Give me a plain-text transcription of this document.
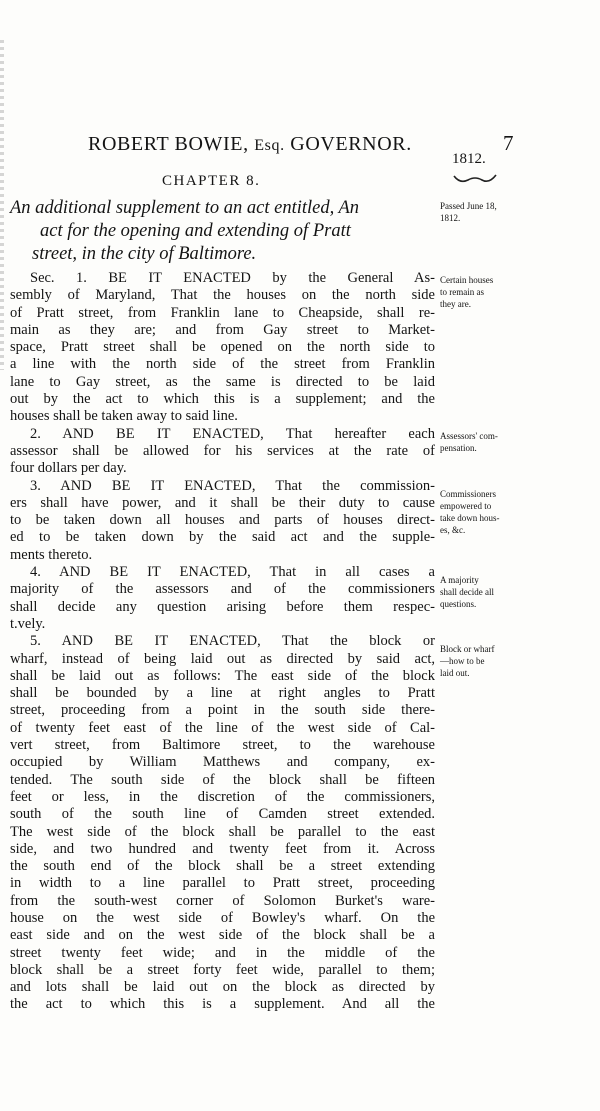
ROBERT BOWIE, Esq. GOVERNOR.	7
1812.
CHAPTER 8.
An additional supplement to an act entitled, An
act for the opening and extending of Pratt
street, in the city of Baltimore.
Sec. 1. BE IT ENACTED by the General As-
sembly of Maryland, That the houses on the north side
of Pratt street, from Franklin lane to Cheapside, shall re-
main as they are; and from Gay street to Market-
space, Pratt street shall be opened on the north side to
a line with the north side of the street from Franklin
lane to Gay street, as the same is directed to be laid
out by the act to which this is a supplement; and the
houses shall be taken away to said line.
2. AND BE IT ENACTED, That hereafter each
assessor shall be allowed for his services at the rate of
four dollars per day.
3. AND BE IT ENACTED, That the commission-
ers shall have power, and it shall be their duty to cause
to be taken down all houses and parts of houses direct-
ed to be taken down by the said act and the supple-
ments thereto.
4. AND BE IT ENACTED, That in all cases a
majority of the assessors and of the commissioners
shall decide any question arising before them respec-
t.vely.
5. AND BE IT ENACTED, That the block or
wharf, instead of being laid out as directed by said act,
shall be laid out as follows: The east side of the block
shall be bounded by a line at right angles to Pratt
street, proceeding from a point in the south side there-
of twenty feet east of the line of the west side of Cal-
vert street, from Baltimore street, to the warehouse
occupied by William Matthews and company, ex-
tended. The south side of the block shall be fifteen
feet or less, in the discretion of the commissioners,
south of the south line of Camden street extended.
The west side of the block shall be parallel to the east
side, and two hundred and twenty feet from it. Across
the south end of the block shall be a street extending
in width to a line parallel to Pratt street, proceeding
from the south-west corner of Solomon Burket's ware-
house on the west side of Bowley's wharf. On the
east side and on the west side of the block shall be a
street twenty feet wide; and in the middle of the
block shall be a street forty feet wide, parallel to them;
and lots shall be laid out on the block as directed by
the act to which this is a supplement. And all the
Passed June 18,
1812.
Certain houses
to remain as
they are.
Assessors' com-
pensation.
Commissioners
empowered to
take down hous-
es, &c.
A majority
shall decide all
questions.
Block or wharf
—how to be
laid out.
